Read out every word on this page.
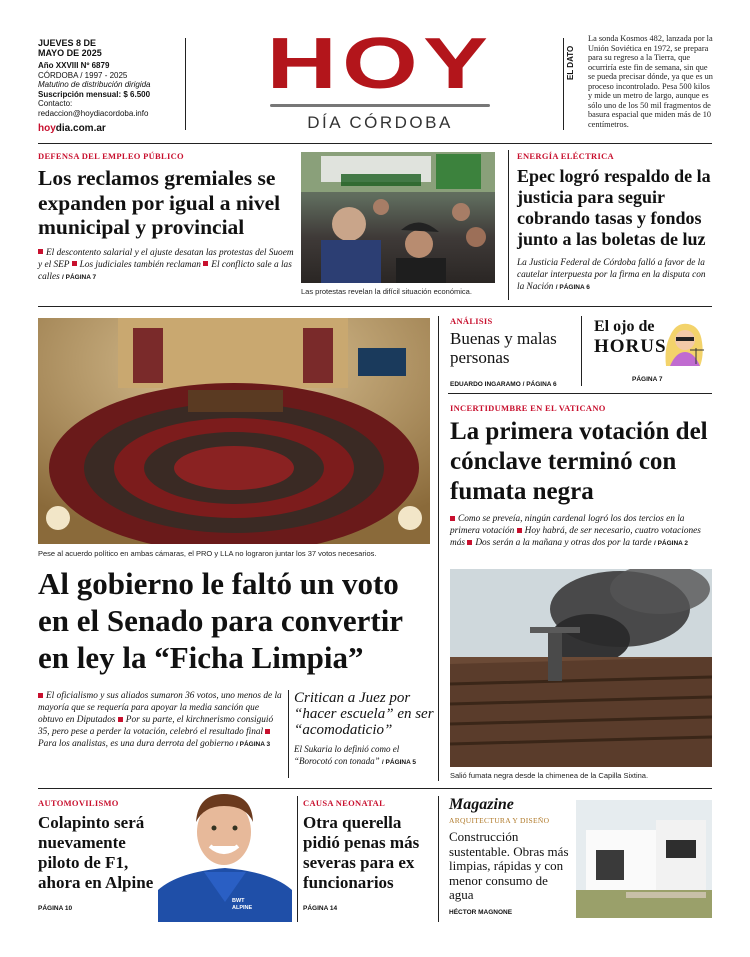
JUEVES 8 DE
MAYO DE 2025
Año XXVIII Nº 6879
CÓRDOBA / 1997 - 2025
Matutino de distribución dirigida
Suscripción mensual: $ 6.500
Contacto:
redaccion@hoydiacordoba.info
hoydia.com.ar
HOY
DÍA CÓRDOBA
EL DATO
La sonda Kosmos 482, lanzada por la Unión Soviética en 1972, se prepara para su regreso a la Tierra, que ocurriría este fin de semana, sin que se pueda precisar dónde, ya que es un proceso incontrolado. Pesa 500 kilos y mide un metro de largo, aunque es sólo uno de los 50 mil fragmentos de basura espacial que miden más de 10 centímetros.
DEFENSA DEL EMPLEO PÚBLICO
Los reclamos gremiales se expanden por igual a nivel municipal y provincial
El descontento salarial y el ajuste desatan las protestas del Suoem y el SEP Los judiciales también reclaman El conflicto sale a las calles / PÁGINA 7
Las protestas revelan la difícil situación económica.
ENERGÍA ELÉCTRICA
Epec logró respaldo de la justicia para seguir cobrando tasas y fondos junto a las boletas de luz
La Justicia Federal de Córdoba falló a favor de la cautelar interpuesta por la firma en la disputa con la Nación / PÁGINA 6
Pese al acuerdo político en ambas cámaras, el PRO y LLA no lograron juntar los 37 votos necesarios.
Al gobierno le faltó un voto en el Senado para convertir en ley la “Ficha Limpia”
El oficialismo y sus aliados sumaron 36 votos, uno menos de la mayoría que se requería para apoyar la media sanción que obtuvo en Diputados Por su parte, el kirchnerismo consiguió 35, pero pese a perder la votación, celebró el resultado final Para los analistas, es una dura derrota del gobierno / PÁGINA 3
Critican a Juez por “hacer escuela” en ser “acomodaticio”
El Sukaria lo definió como el “Borocotó con tonada” / PÁGINA 5
ANÁLISIS
Buenas y malas personas
EDUARDO INGARAMO / PÁGINA 6
El ojo de
HORUS
PÁGINA 7
INCERTIDUMBRE EN EL VATICANO
La primera votación del cónclave terminó con fumata negra
Como se preveía, ningún cardenal logró los dos tercios en la primera votación Hoy habrá, de ser necesario, cuatro votaciones más Dos serán a la mañana y otras dos por la tarde / PÁGINA 2
Salió fumata negra desde la chimenea de la Capilla Sixtina.
AUTOMOVILISMO
Colapinto será nuevamente piloto de F1, ahora en Alpine
PÁGINA 10
BWT
ALPINE
CAUSA NEONATAL
Otra querella pidió penas más severas para ex funcionarios
PÁGINA 14
Magazine
ARQUITECTURA Y DISEÑO
Construcción sustentable. Obras más limpias, rápidas y con menor consumo de agua
HÉCTOR MAGNONE
